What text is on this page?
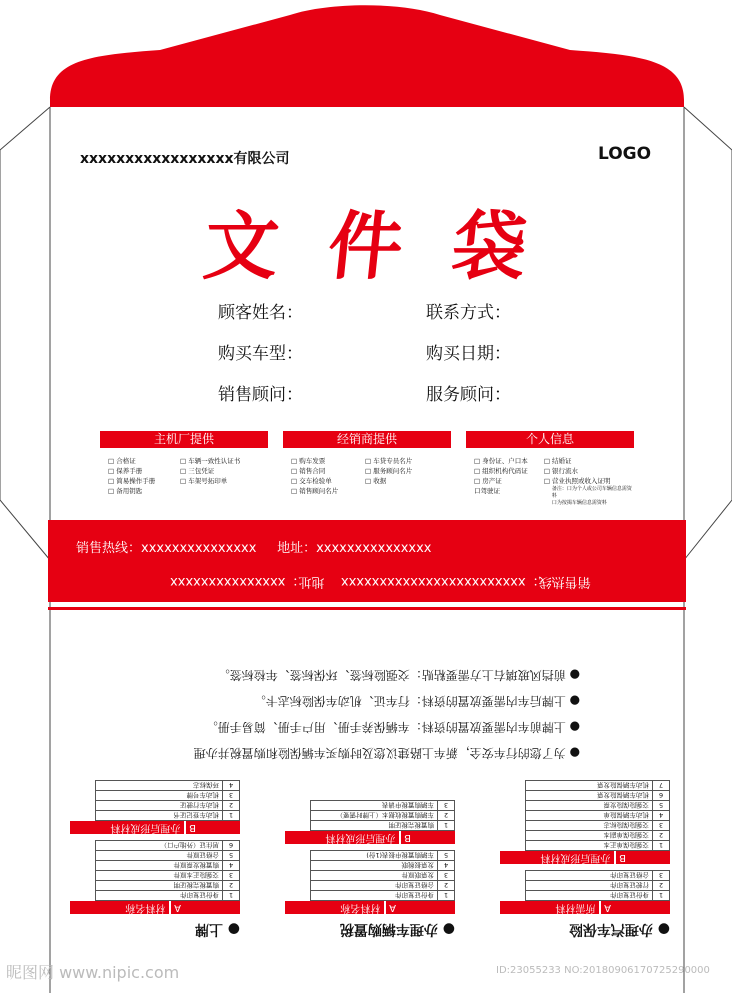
xxxxxxxxxxxxxxxxx有限公司	LOGO
文件袋
顾客姓名：	联系方式：
购买车型：	购买日期：
销售顾问：	服务顾问：
主机厂提供
□ 合格证
□ 保养手册
□ 简易操作手册
□ 备用钥匙
□ 车辆一致性认证书
□ 三包凭证
□ 车架号拓印单
经销商提供
□ 购车发票
□ 销售合同
□ 交车检验单
□ 销售顾问名片
□ 车贷专员名片
□ 服务顾问名片
□ 收据
个人信息
□ 身份证、户口本
□ 组织机构代码证
□ 房产证
口驾驶证
□ 结婚证
□ 银行流水
□ 营业执照或收入证明
备注：口为个人或公司车辆信息需资料
口为按揭车辆信息需资料
销售热线：xxxxxxxxxxxxxxx 地址：xxxxxxxxxxxxxxx
销售热线：xxxxxxxxxxxxxxxxxxxxxxxx    地址：xxxxxxxxxxxxxxx
● 办理汽车保险
A 所需材料
1	身份证复印件
2	行驶证复印件
3	合格证复印件
B 办理后形成材料
1	交强险保单正本
2	交强险保单副本
3	交强险保险标志
4	机动车辆保险单
5	交强险保险发票
6	机动车辆保险发票
7	机动车辆保险发票
● 办理车辆购置税
A 材料名称
1	身份证复印件
2	合格证复印件
3	发票联原件
4	发票报税联
5	车辆购置税申报表(1份)
B 办理后形成材料
1	购置税完税证明
2	车辆购置税收据本（上牌时需要）
3	车辆购置税申请表
● 上牌
A 材料名称
1	身份证复印件
2	购置税完税证明
3	交强险正本原件
4	购置税发票原件
5	合格证原件
6	居住证（外地户口）
B 办理后形成材料
1	机动车登记证书
2	机动车行驶证
3	机动车号牌
4	环保标志
● 为了您的行车安全，新车上路建议您及时购买车辆保险和购置税并办理
● 上牌前车内需要放置的资料：车辆保养手册、用户手册、简易手册。
● 上牌后车内需要放置的资料：行车证、机动车保险标志卡。
● 前挡风玻璃右上方需要粘贴：交强险标签、环保标签、年检标签。
昵图网 www.nipic.com	ID:23055233 NO:20180906170725290000
